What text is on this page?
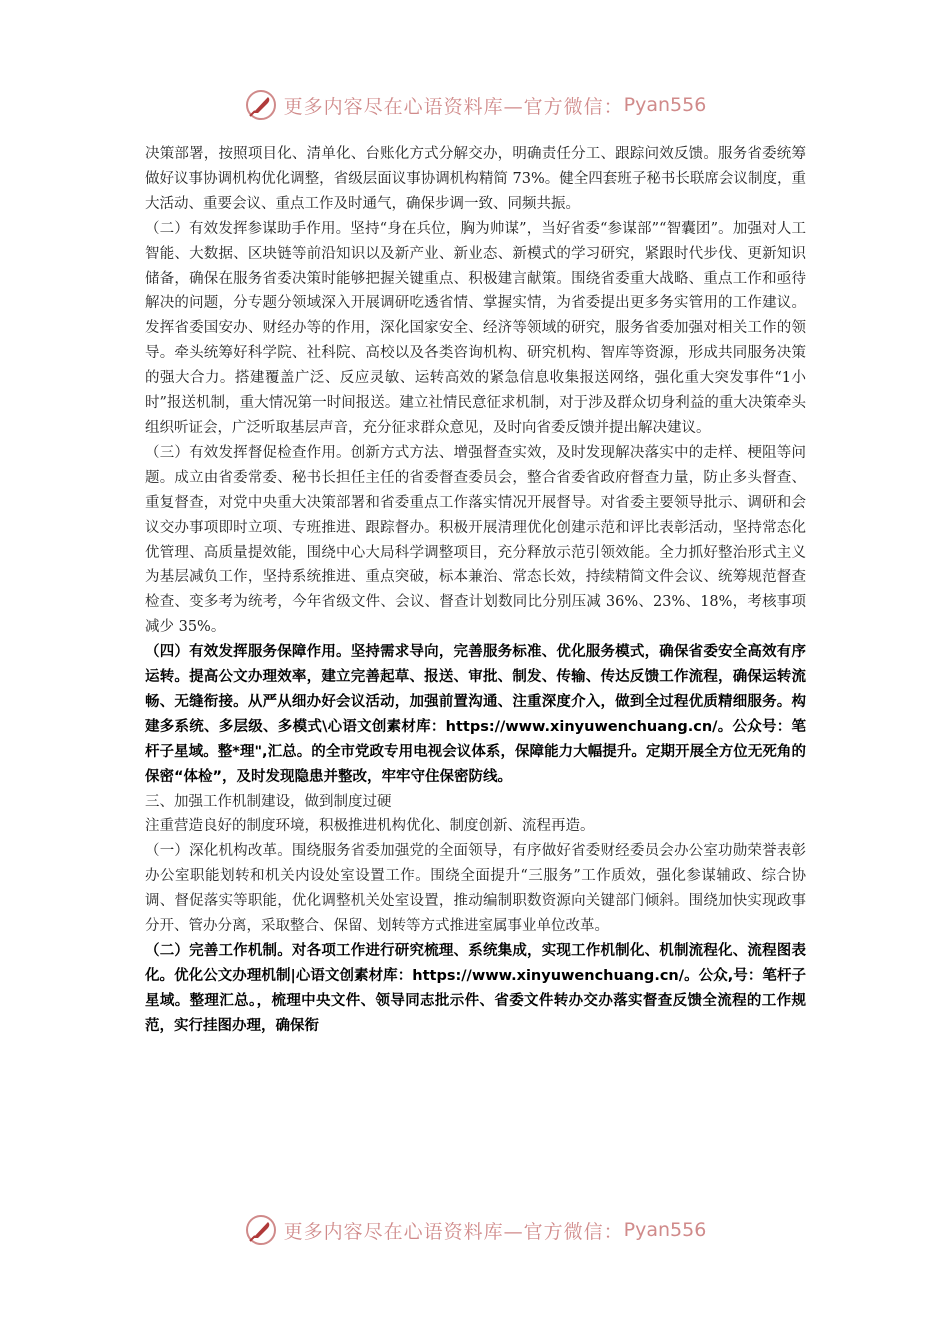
更多内容尽在心语资料库—官方微信： Pyan556

决策部署，按照项目化、清单化、台账化方式分解交办，明确责任分工、跟踪问效反馈。服务省委统筹做好议事协调机构优化调整，省级层面议事协调机构精简 73%。健全四套班子秘书长联席会议制度，重大活动、重要会议、重点工作及时通气，确保步调一致、同频共振。

（二）有效发挥参谋助手作用。坚持“身在兵位，胸为帅谋”，当好省委“参谋部”“智囊团”。加强对人工智能、大数据、区块链等前沿知识以及新产业、新业态、新模式的学习研究，紧跟时代步伐、更新知识储备，确保在服务省委决策时能够把握关键重点、积极建言献策。围绕省委重大战略、重点工作和亟待解决的问题，分专题分领域深入开展调研吃透省情、掌握实情，为省委提出更多务实管用的工作建议。发挥省委国安办、财经办等的作用，深化国家安全、经济等领域的研究，服务省委加强对相关工作的领导。牵头统筹好科学院、社科院、高校以及各类咨询机构、研究机构、智库等资源，形成共同服务决策的强大合力。搭建覆盖广泛、反应灵敏、运转高效的紧急信息收集报送网络，强化重大突发事件“1小时”报送机制，重大情况第一时间报送。建立社情民意征求机制，对于涉及群众切身利益的重大决策牵头组织听证会，广泛听取基层声音，充分征求群众意见，及时向省委反馈并提出解决建议。

（三）有效发挥督促检查作用。创新方式方法、增强督查实效，及时发现解决落实中的走样、梗阻等问题。成立由省委常委、秘书长担任主任的省委督查委员会，整合省委省政府督查力量，防止多头督查、重复督查，对党中央重大决策部署和省委重点工作落实情况开展督导。对省委主要领导批示、调研和会议交办事项即时立项、专班推进、跟踪督办。积极开展清理优化创建示范和评比表彰活动，坚持常态化优管理、高质量提效能，围绕中心大局科学调整项目，充分释放示范引领效能。全力抓好整治形式主义为基层减负工作，坚持系统推进、重点突破，标本兼治、常态长效，持续精简文件会议、统筹规范督查检查、变多考为统考，今年省级文件、会议、督查计划数同比分别压减 36%、23%、18%，考核事项减少 35%。

（四）有效发挥服务保障作用。坚持需求导向，完善服务标准、优化服务模式，确保省委安全高效有序运转。提高公文办理效率，建立完善起草、报送、审批、制发、传输、传达反馈工作流程，确保运转流畅、无缝衔接。从严从细办好会议活动，加强前置沟通、注重深度介入，做到全过程优质精细服务。构建多系统、多层级、多模式\心语文创素材库：https://www.xinyuwenchuang.cn/。公众号：笔杆子星域。整*理",汇总。的全市党政专用电视会议体系，保障能力大幅提升。定期开展全方位无死角的保密“体检”，及时发现隐患并整改，牢牢守住保密防线。

三、加强工作机制建设，做到制度过硬

注重营造良好的制度环境，积极推进机构优化、制度创新、流程再造。

（一）深化机构改革。围绕服务省委加强党的全面领导，有序做好省委财经委员会办公室功勋荣誉表彰办公室职能划转和机关内设处室设置工作。围绕全面提升“三服务”工作质效，强化参谋辅政、综合协调、督促落实等职能，优化调整机关处室设置，推动编制职数资源向关键部门倾斜。围绕加快实现政事分开、管办分离，采取整合、保留、划转等方式推进室属事业单位改革。

（二）完善工作机制。对各项工作进行研究梳理、系统集成，实现工作机制化、机制流程化、流程图表化。优化公文办理机制|心语文创素材库：https://www.xinyuwenchuang.cn/。公众,号：笔杆子星域。整理汇总。，梳理中央文件、领导同志批示件、省委文件转办交办落实督查反馈全流程的工作规范，实行挂图办理，确保衔

更多内容尽在心语资料库—官方微信： Pyan556
